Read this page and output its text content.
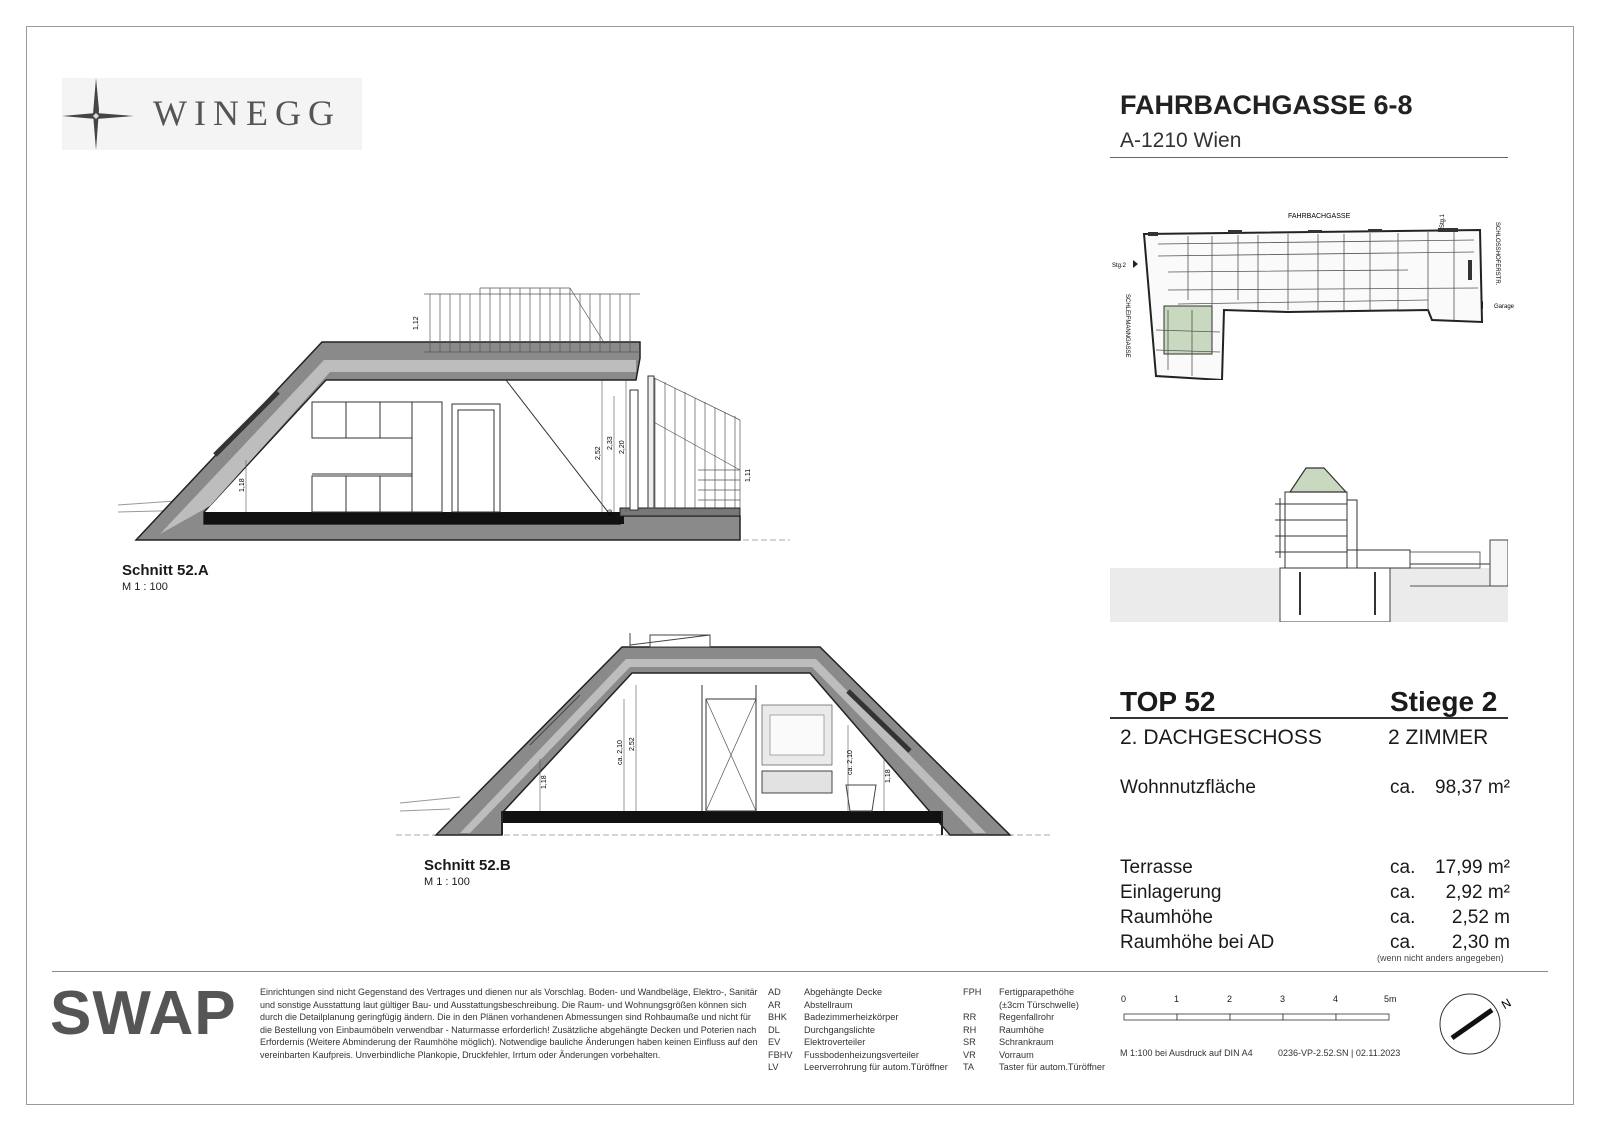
WINEGG	FAHRBACHGASSE 6-8
A-1210 Wien
FAHRBACHGASSE
SCHLOSSHOFERSTR.
SCHLEIFMANNGASSE
Stg.1
Stg.2
Garage
TOP 52	Stiege 2
2. DACHGESCHOSS	2 ZIMMER
Wohnnutzfläche	ca. 98,37 m²
Terrasse	ca. 17,99 m²
Einlagerung	ca. 2,92 m²
Raumhöhe	ca. 2,52 m
Raumhöhe bei AD	ca. 2,30 m
(wenn nicht anders angegeben)
2,52
2,33 2,20
1,18
19
1,12
1,11
Schnitt 52.A
M 1 : 100
1,18
ca. 2,10 2,52
ca. 2,10
1,18
Schnitt 52.B
M 1 : 100
SWAP	Einrichtungen sind nicht Gegenstand des Vertrages und dienen nur als Vorschlag. Boden- und Wandbeläge, Elektro-, Sanitär und sonstige Ausstattung laut gültiger Bau- und Ausstattungsbeschreibung. Die Raum- und Wohnungsgrößen können sich durch die Detailplanung geringfügig ändern. Die in den Plänen vorhandenen Abmessungen sind Rohbaumaße und nicht für die Bestellung von Einbaumöbeln verwendbar - Naturmasse erforderlich! Zusätzliche abgehängte Decken und Poterien nach Erfordernis (Weitere Abminderung der Raumhöhe möglich). Notwendige bauliche Änderungen haben keinen Einfluss auf den vereinbarten Kaufpreis. Unverbindliche Plankopie, Druckfehler, Irrtum oder Änderungen vorbehalten.
AD	Abgehängte Decke
AR	Abstellraum
BHK Badezimmerheizkörper
DL	Durchgangslichte
EV	Elektroverteiler
FBHV Fussbodenheizungsverteiler
LV	Leerverrohrung für autom.Türöffner
FPH Fertigparapethöhe
(±3cm Türschwelle)
RR Regenfallrohr
RH Raumhöhe
SR	Schrankraum
VR	Vorraum
TA	Taster für autom.Türöffner
0	1	2	3	4	5m
M 1:100 bei Ausdruck auf DIN A4	0236-VP-2.52.SN | 02.11.2023
N
